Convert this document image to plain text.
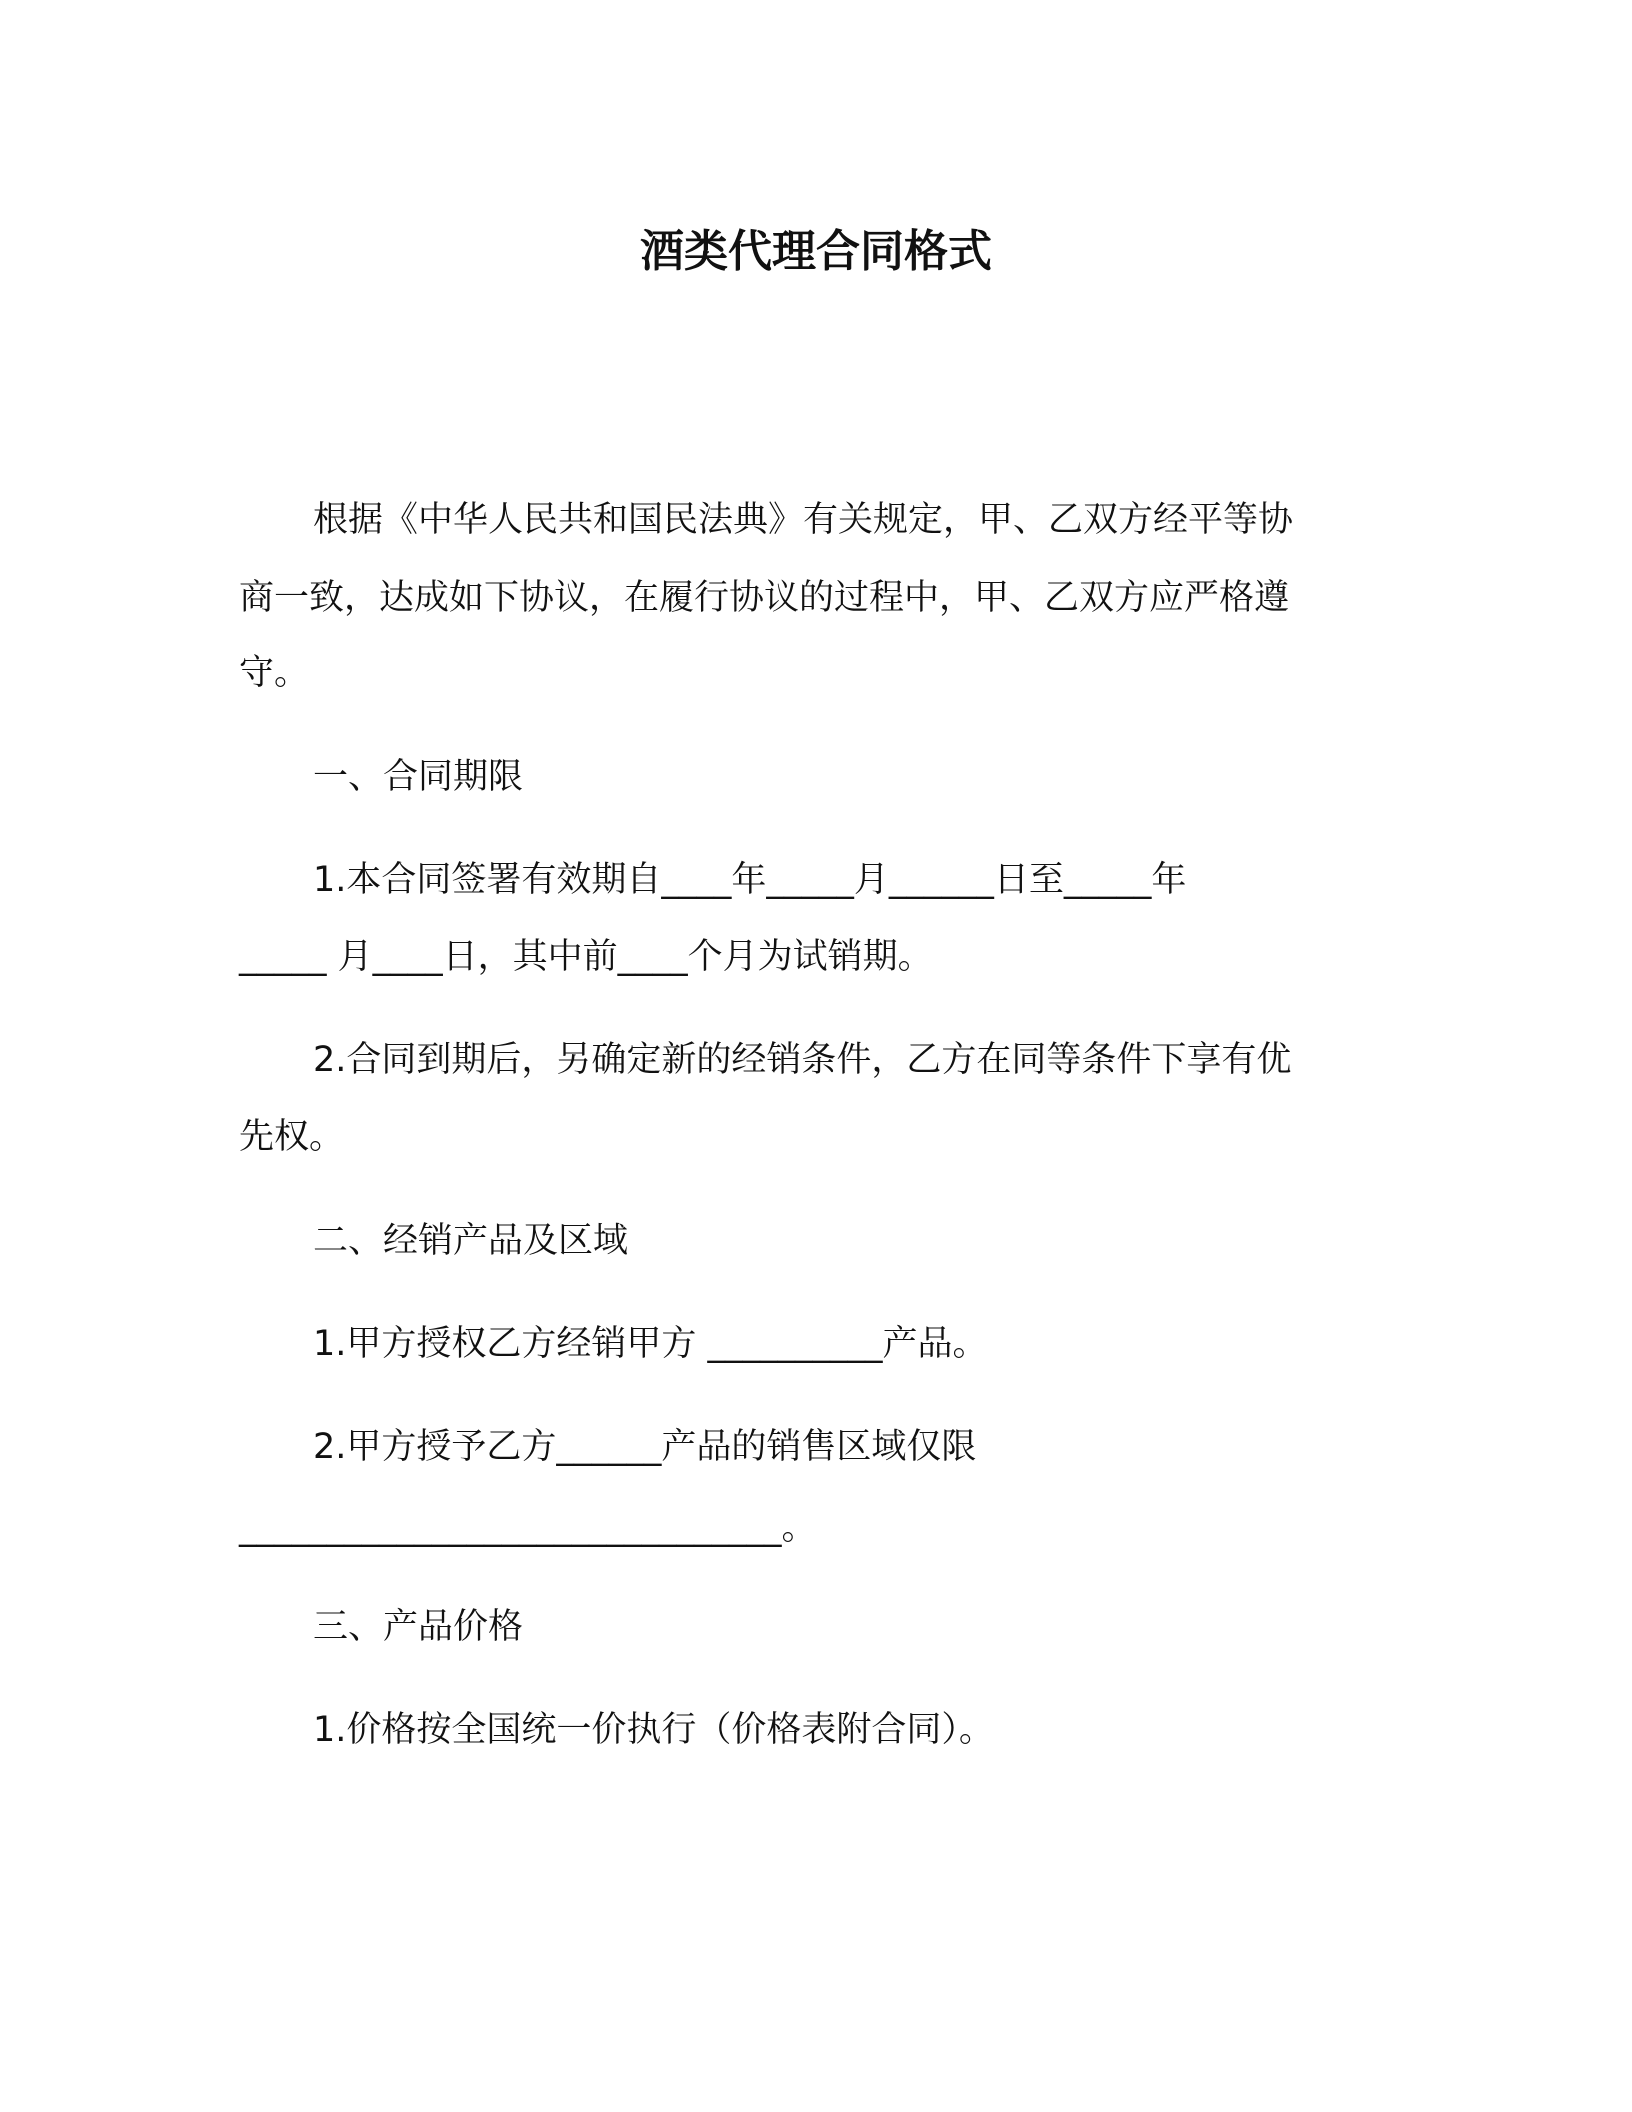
酒类代理合同格式
根据《中华人民共和国民法典》有关规定，甲、乙双方经平等协
商一致，达成如下协议，在履行协议的过程中，甲、乙双方应严格遵
守。
一、合同期限
1.本合同签署有效期自____年_____月______日至_____年
_____ 月____日，其中前____个月为试销期。
2.合同到期后，另确定新的经销条件，乙方在同等条件下享有优
先权。
二、经销产品及区域
1.甲方授权乙方经销甲方 __________产品。
2.甲方授予乙方______产品的销售区域仅限
_______________________________。
三、产品价格
1.价格按全国统一价执行（价格表附合同）。
